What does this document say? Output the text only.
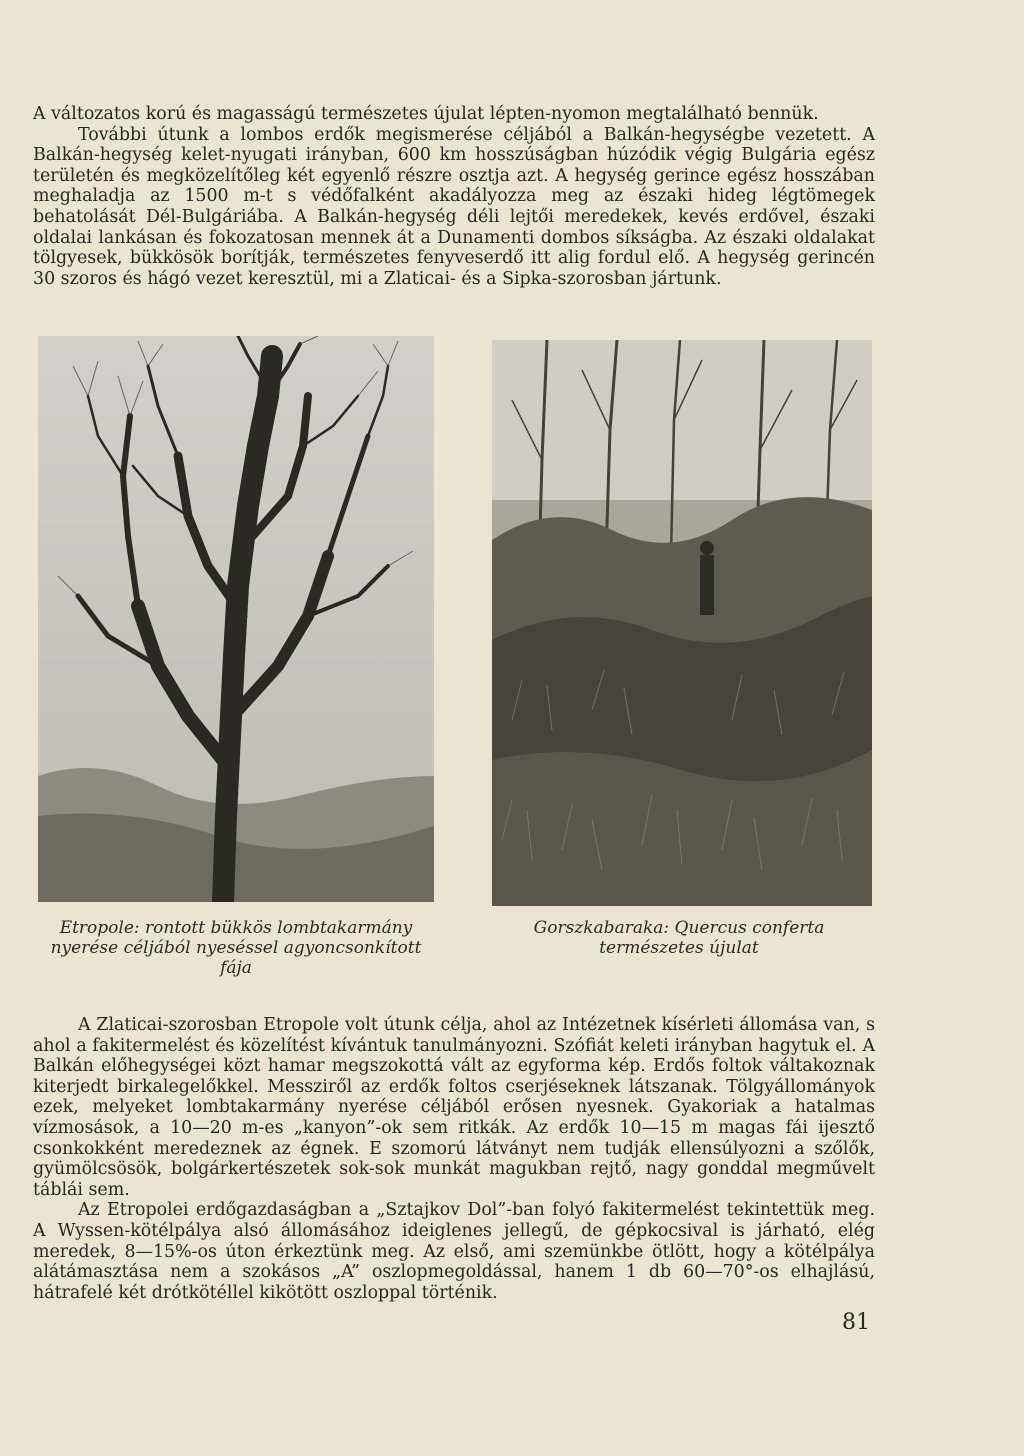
A változatos korú és magasságú természetes újulat lépten-nyomon megtalálható bennük.

További útunk a lombos erdők megismerése céljából a Balkán-hegységbe vezetett. A Balkán-hegység kelet-nyugati irányban, 600 km hosszúságban húzódik végig Bulgária egész területén és megközelítőleg két egyenlő részre osztja azt. A hegység gerince egész hosszában meghaladja az 1500 m-t s védőfalként akadályozza meg az északi hideg légtömegek behatolását Dél-Bulgáriába. A Balkán-hegység déli lejtői meredekek, kevés erdővel, északi oldalai lankásan és fokozatosan mennek át a Dunamenti dombos síkságba. Az északi oldalakat tölgyesek, bükkösök borítják, természetes fenyveserdő itt alig fordul elő. A hegység gerincén 30 szoros és hágó vezet keresztül, mi a Zlaticai- és a Sipka-szorosban jártunk.

Etropole: rontott bükkös lombtakarmány nyerése céljából nyeséssel agyoncsonkított fája
Gorszkabaraka: Quercus conferta természetes újulat

A Zlaticai-szorosban Etropole volt útunk célja, ahol az Intézetnek kísérleti állomása van, s ahol a fakitermelést és közelítést kívántuk tanulmányozni. Szófiát keleti irányban hagytuk el. A Balkán előhegységei közt hamar megszokottá vált az egyforma kép. Erdős foltok váltakoznak kiterjedt birkalegelőkkel. Messziről az erdők foltos cserjéseknek látszanak. Tölgyállományok ezek, melyeket lombtakarmány nyerése céljából erősen nyesnek. Gyakoriak a hatalmas vízmosások, a 10—20 m-es „kanyon”-ok sem ritkák. Az erdők 10—15 m magas fái ijesztő csonkokként meredeznek az égnek. E szomorú látványt nem tudják ellensúlyozni a szőlők, gyümölcsösök, bolgárkertészetek sok-sok munkát magukban rejtő, nagy gonddal megművelt táblái sem.

Az Etropolei erdőgazdaságban a „Sztajkov Dol”-ban folyó fakitermelést tekintettük meg. A Wyssen-kötélpálya alsó állomásához ideiglenes jellegű, de gépkocsival is járható, elég meredek, 8—15%-os úton érkeztünk meg. Az első, ami szemünkbe ötlött, hogy a kötélpálya alátámasztása nem a szokásos „A” oszlopmegoldással, hanem 1 db 60—70°-os elhajlású, hátrafelé két drótkötéllel kikötött oszloppal történik.

81
